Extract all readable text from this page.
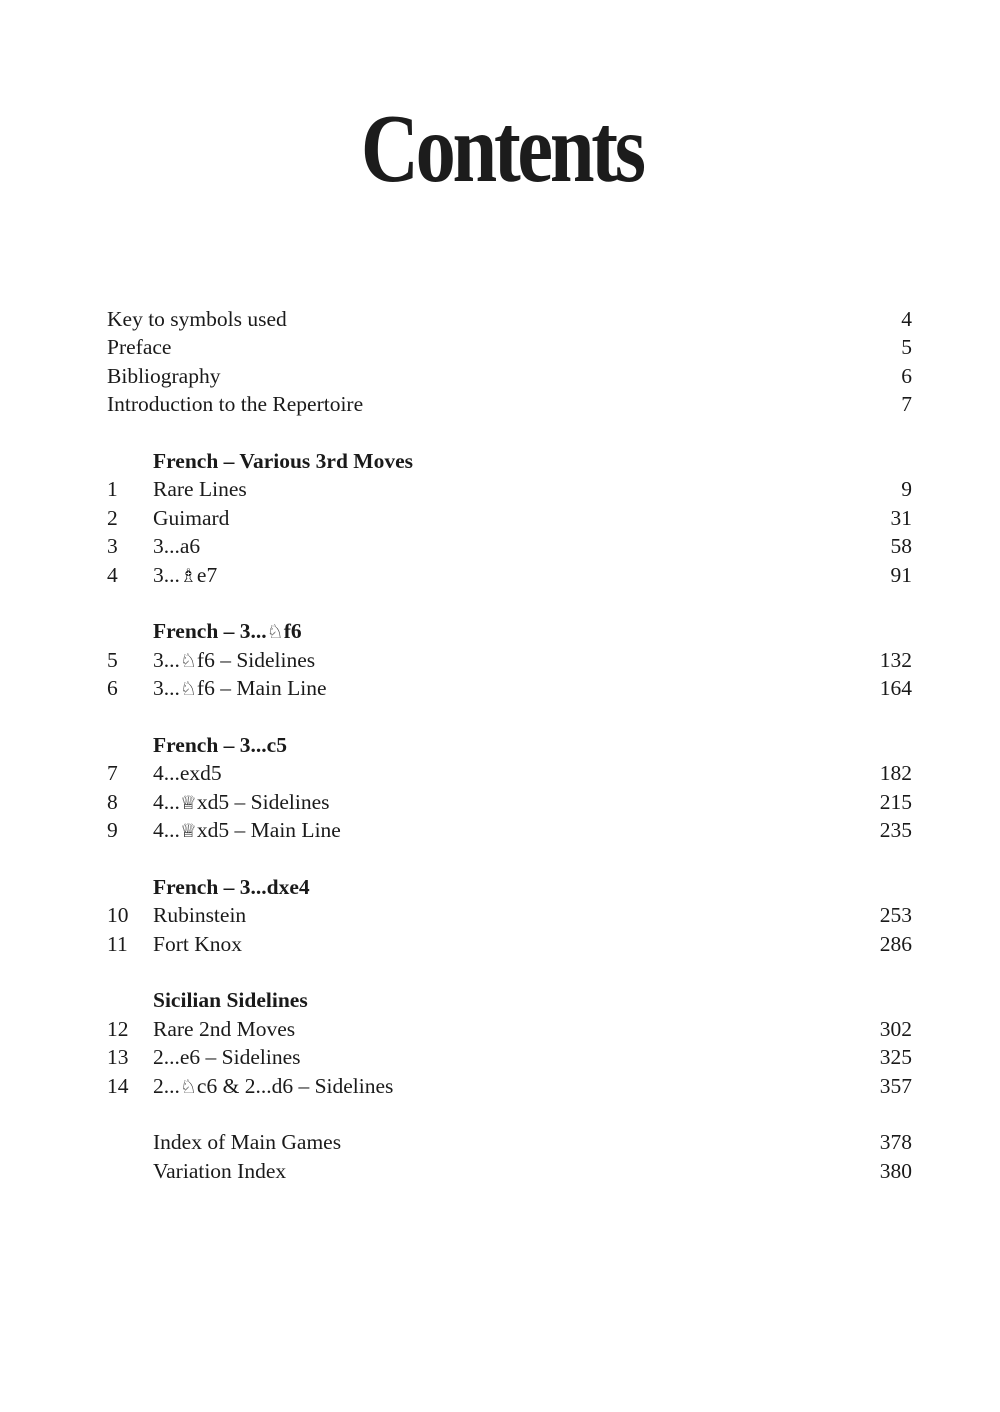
Contents
Key to symbols used	4
Preface	5
Bibliography	6
Introduction to the Repertoire	7
French – Various 3rd Moves
1 Rare Lines	9
2 Guimard	31
3 3...a6	58
4 3...♗e7	91
French – 3...♘f6
5 3...♘f6 – Sidelines	132
6 3...♘f6 – Main Line	164
French – 3...c5
7 4...exd5	182
8 4...♕xd5 – Sidelines	215
9 4...♕xd5 – Main Line	235
French – 3...dxe4
10 Rubinstein	253
11 Fort Knox	286
Sicilian Sidelines
12 Rare 2nd Moves	302
13 2...e6 – Sidelines	325
14 2...♘c6 & 2...d6 – Sidelines	357
Index of Main Games	378
Variation Index	380
